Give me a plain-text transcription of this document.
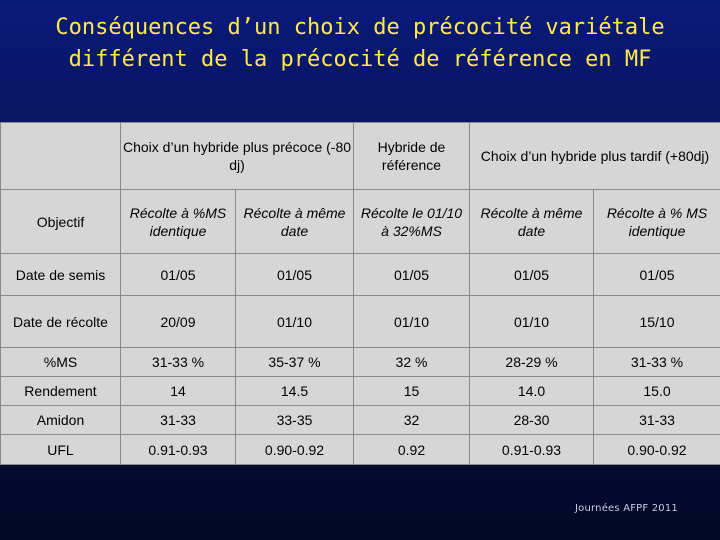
Conséquences d’un choix de précocité variétale
différent de la précocité de référence en MF
	Choix d’un hybride plus précoce (-80 dj)		Hybride de référence	Choix d’un hybride plus tardif (+80dj)	
Objectif	Récolte à %MS identique	Récolte à même date	Récolte le 01/10 à 32%MS	Récolte à même date	Récolte à % MS identique
Date de semis	01/05	01/05	01/05	01/05	01/05
Date de récolte	20/09	01/10	01/10	01/10	15/10
%MS	31-33 %	35-37 %	32 %	28-29 %	31-33 %
Rendement	14	14.5	15	14.0	15.0
Amidon	31-33	33-35	32	28-30	31-33
UFL	0.91-0.93	0.90-0.92	0.92	0.91-0.93	0.90-0.92
Journées AFPF 2011
